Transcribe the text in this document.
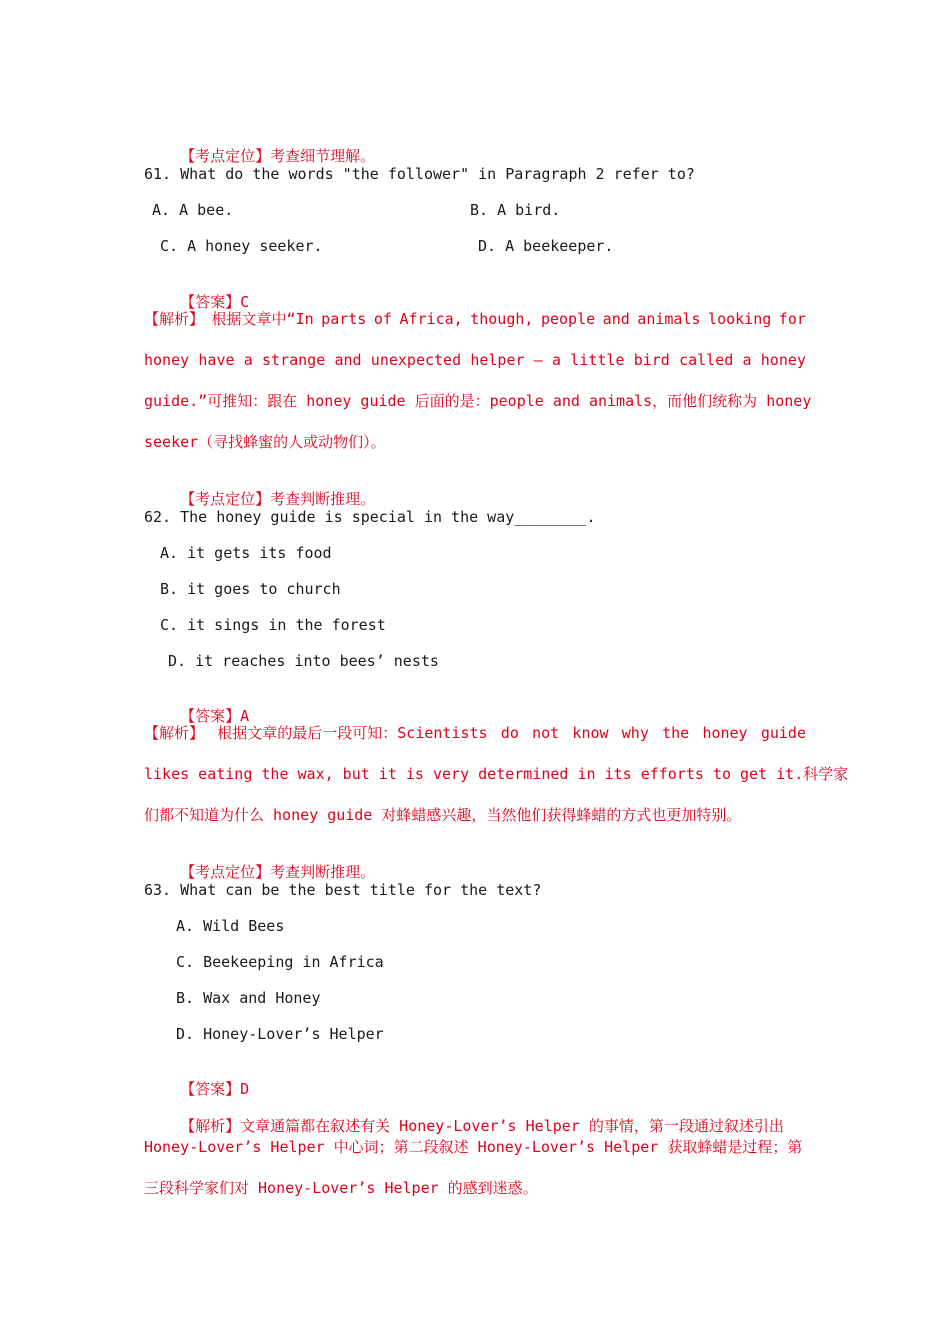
【考点定位】考查细节理解。

61. What do the words "the follower" in Paragraph 2 refer to?
A. A bee.	B. A bird.
C. A honey seeker.	D. A beekeeper.

【答案】C

【解析】 根据文章中“In parts of Africa, though, people and animals looking for
honey have a strange and unexpected helper — a little bird called a honey
guide.”可推知：跟在 honey guide 后面的是：people and animals，而他们统称为 honey
seeker（寻找蜂蜜的人或动物们）。

【考点定位】考查判断推理。

62. The honey guide is special in the way________.
A. it gets its food
B. it goes to church
C. it sings in the forest
D. it reaches into bees’ nests

【答案】A

【解析】 根据文章的最后一段可知：Scientists do not know why the honey guide
likes eating the wax, but it is very determined in its efforts to get it.科学家
们都不知道为什么 honey guide 对蜂蜡感兴趣，当然他们获得蜂蜡的方式也更加特别。

【考点定位】考查判断推理。

63. What can be the best title for the text?
A. Wild Bees
C. Beekeeping in Africa
B. Wax and Honey
D. Honey-Lover’s Helper

【答案】D

【解析】文章通篇都在叙述有关 Honey-Lover’s Helper 的事情，第一段通过叙述引出

Honey-Lover’s Helper 中心词；第二段叙述 Honey-Lover’s Helper 获取蜂蜡是过程；第
三段科学家们对 Honey-Lover’s Helper 的感到迷惑。
